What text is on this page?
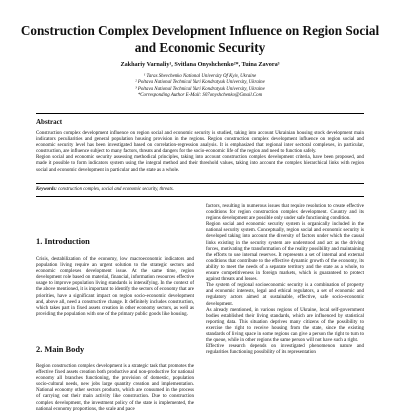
Construction Complex Development Influence on Region Social and Economic Security
Zakhariy Varnaliy¹, Svitlana Onyshchenko²*, Tuina Zavora³
¹ Taras Shevchenko National University Of Kyiv, Ukraine
² Poltava National Technical Yuri Kondratyuk University, Ukraine
³ Poltava National Technical Yuri Kondratyuk University, Ukraine
*Corresponding Author E-Mail: S07onyshchenko@Gmail.Com
Abstract

Construction complex development influence on region social and economic security is studied, taking into account Ukrainian housing stock development main indicators peculiarities and general population housing provision in the regions. Region construction complex development influence on region social and economic security level has been investigated based on correlation-regression analysis. It is emphasized that regional inter sectoral complexes, in particular, construction, are influence subject to many factors, threats and dangers for the socio-economic life of the region and need to function safely.

Region social and economic security assessing methodical principles, taking into account construction complex development criteria, have been proposed, and made it possible to form indicators system using the integral method and their threshold values, taking into account the complex hierarchical links with region social and economic development in particular and the state as a whole.

Keywords: construction complex, social and economic security, threats.
1. Introduction

Crisis, destabilization of the economy, low macroeconomic indicators and population living require an urgent solution to the strategic sectors and economic complexes development issue. At the same time, region development role based on material, financial, information resources effective usage to improve population living standards is intensifying. In the context of the above mentioned, it is important to identify the sectors of economy that are priorities, have a significant impact on region socio-economic development and, above all, need a constructive change. It definitely includes construction, which takes part in fixed assets creation in other economy sectors, as well as providing the population with one of the primary public goods like housing.

2. Main Body

Region construction complex development is a strategic task that promotes the effective fixed assets creation both productive and non-productive for national economy all branches functioning, the provision of domestic, population socio-cultural needs, new jobs large quantity creation and implementation. National economy other sectors products, which are consumed in the process of carrying out their main activity like construction. Due to construction complex development, the investment policy of the state is implemented, the national economy proportions, the scale and pace

factors, resulting in numerous issues that require resolution to create effective conditions for region construction complex development. Country and its regions development are possible only under safe functioning condition.

Region social and economic security system is organically included in the national security system. Conceptually, region social and economic security is developed taking into account the diversity of factors under which the causal links existing in the security system are understood and act as the driving forces, motivating the transformation of the reality possibility and maintaining the efforts to use internal reserves. It represents a set of internal and external conditions that contribute to the effective dynamic growth of the economy, its ability to meet the needs of a separate territory and the state as a whole, to ensure competitiveness in foreign markets, which is guaranteed to protect against threats and losses.

The system of regional socioeconomic security is a combination of property and economic interests, legal and ethical regulators, a set of economic and regulatory actors aimed at sustainable, effective, safe socio-economic development.

As already mentioned, in various regions of Ukraine, local self-government bodies established their living standards, which are influenced by statistical reporting data. This situation deprives many citizens of the possibility to exercise the right to receive housing from the state, since the existing standards of living space in some regions can give a person the right to turn to the queue, while in other regions the same person will not have such a right.

Effective research depends on investigated phenomenon nature and regularities functioning possibility of its representation
